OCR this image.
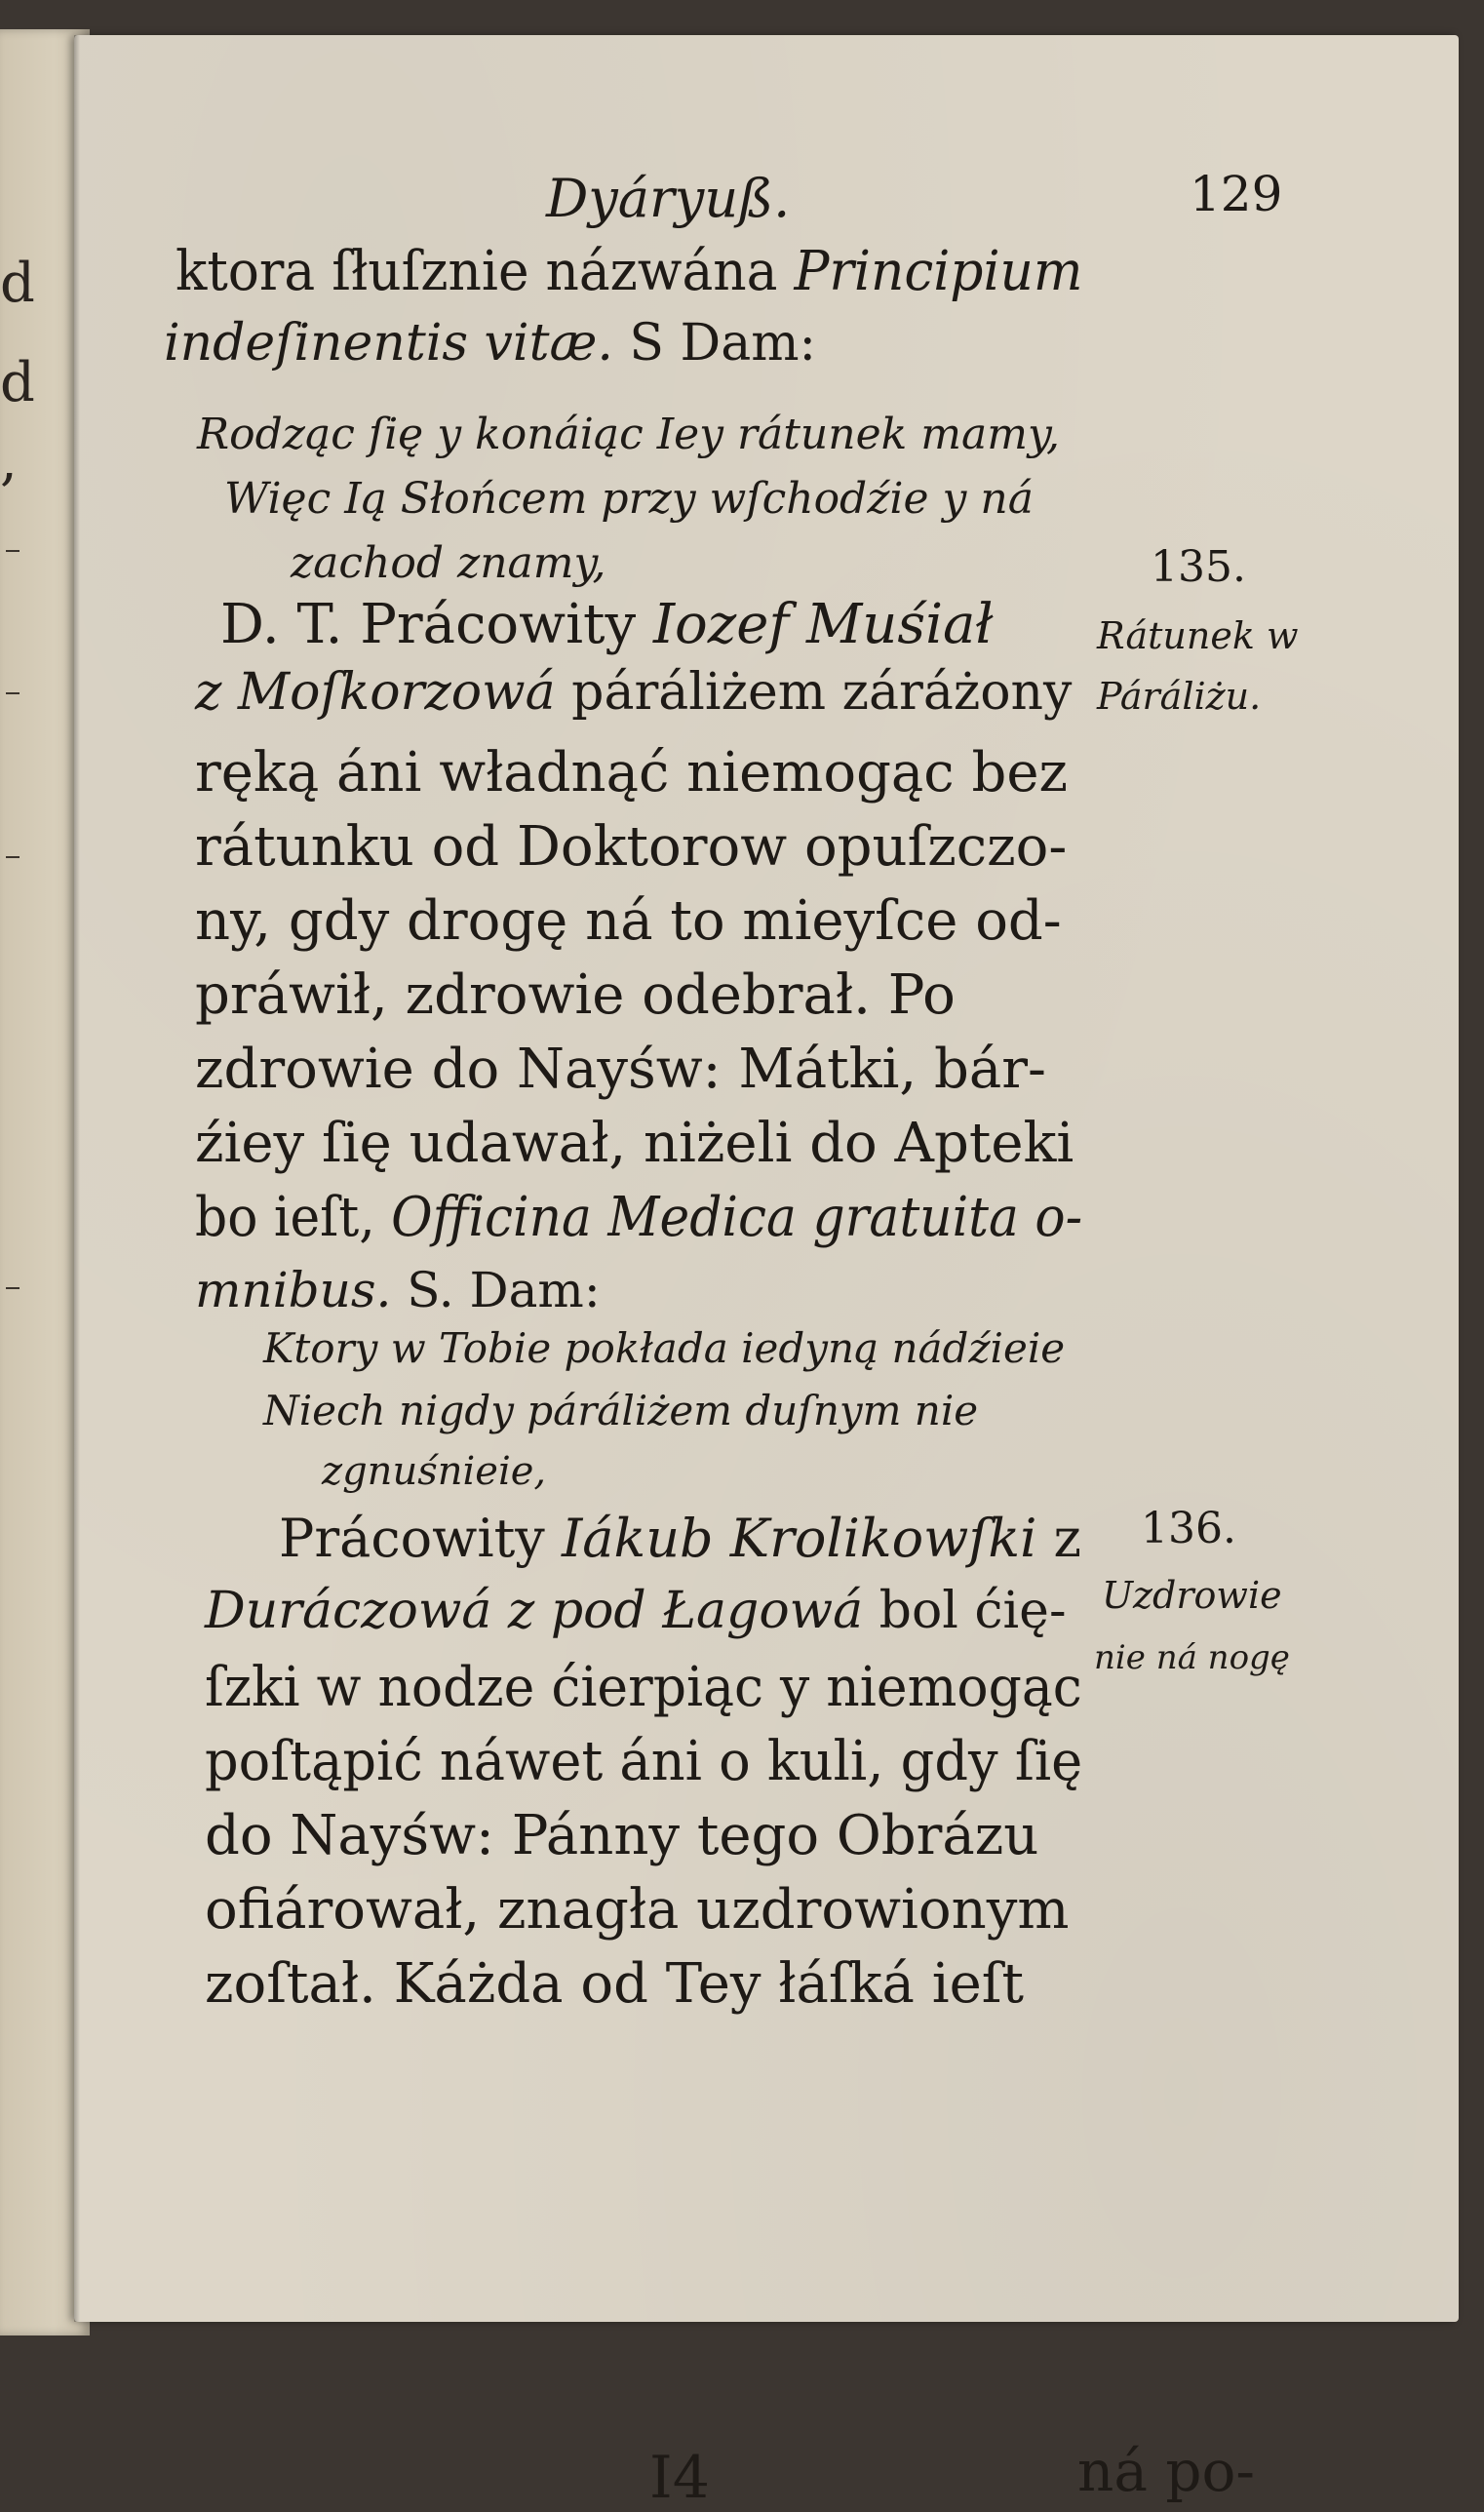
d
d
,
Dyáryuß.	129
ktora ſłuſznie názwána Principium
indeſinentis vitæ. S Dam:
Rodząc ſię y konáiąc Iey rátunek mamy,
Więc Ią Słońcem przy wſchodźie y ná
zachod znamy,
D. T. Prácowity Iozef Muśiał
z Moſkorzowá párálіżem záráżony
ręką áni władnąć niemogąc bez
rátunku od Doktorow opuſzczo-
ny, gdy drogę ná to mieyſce od-
práwił, zdrowie odebrał. Po
zdrowie do Nayśw: Mátki, bár-
źiey ſię udawał, niżeli do Apteki
bo ieſt, Officina Medica gratuita o-
mnibus. S. Dam:
Ktory w Tobie pokłada iedyną nádźieie
Niech nigdy párálіżem duſnym nie
zgnuśnieie,
Prácowity Iákub Krolikowſki z
Duráczowá z pod Łagowá bol ćię-
ſzki w nodze ćierpiąc y niemogąc
poſtąpić náwet áni o kuli, gdy ſię
do Nayśw: Pánny tego Obrázu
ofiárował, znagła uzdrowionym
zoſtał. Káżda od Tey łáſká ieſt
135.
Rátunek w
Párálіżu.
136.
Uzdrowie
nie ná nogę
I4	ná po-
